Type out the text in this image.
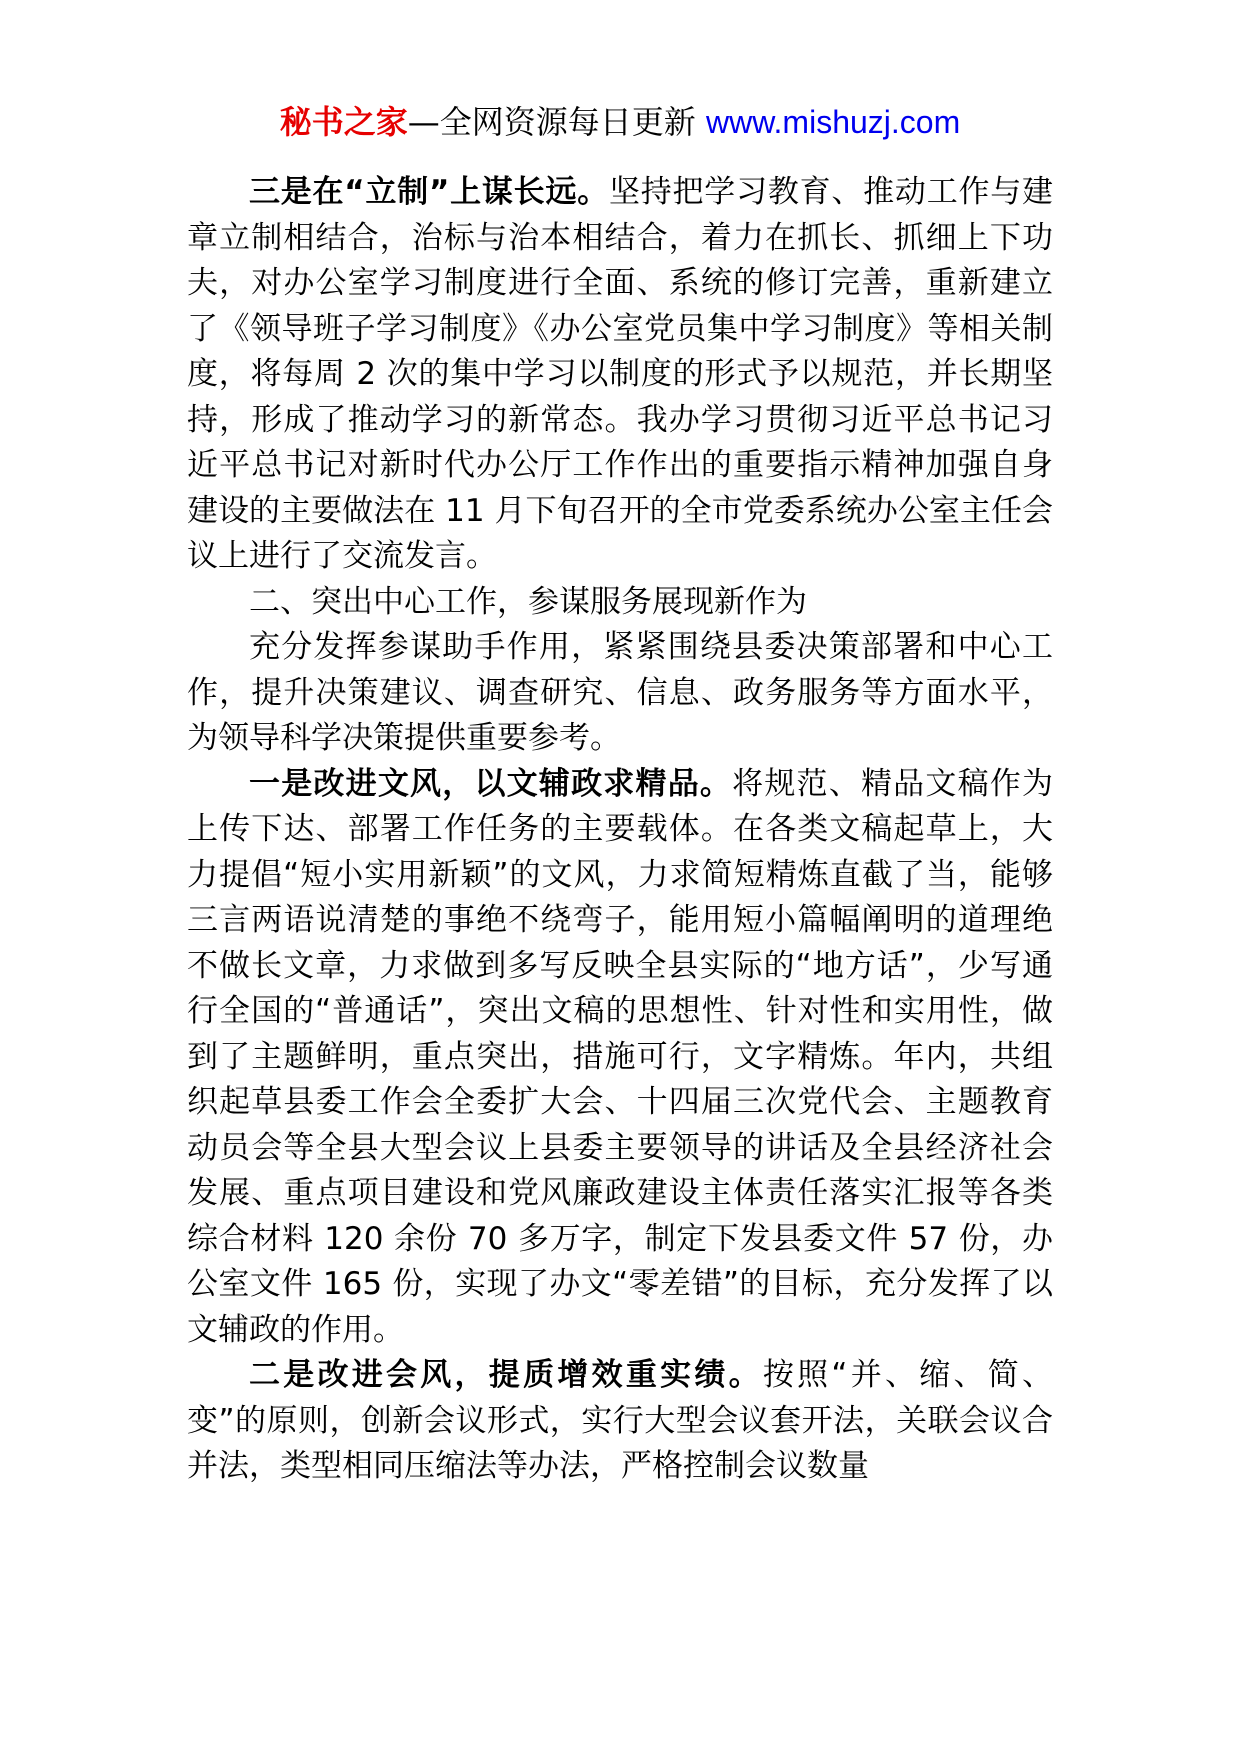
秘书之家—全网资源每日更新 www.mishuzj.com

三是在“立制”上谋长远。坚持把学习教育、推动工作与建章立制相结合，治标与治本相结合，着力在抓长、抓细上下功夫，对办公室学习制度进行全面、系统的修订完善，重新建立了《领导班子学习制度》《办公室党员集中学习制度》等相关制度，将每周 2 次的集中学习以制度的形式予以规范，并长期坚持，形成了推动学习的新常态。我办学习贯彻习近平总书记习近平总书记对新时代办公厅工作作出的重要指示精神加强自身建设的主要做法在 11 月下旬召开的全市党委系统办公室主任会议上进行了交流发言。

二、突出中心工作，参谋服务展现新作为

充分发挥参谋助手作用，紧紧围绕县委决策部署和中心工作，提升决策建议、调查研究、信息、政务服务等方面水平，为领导科学决策提供重要参考。

一是改进文风，以文辅政求精品。将规范、精品文稿作为上传下达、部署工作任务的主要载体。在各类文稿起草上，大力提倡“短小实用新颖”的文风，力求简短精炼直截了当，能够三言两语说清楚的事绝不绕弯子，能用短小篇幅阐明的道理绝不做长文章，力求做到多写反映全县实际的“地方话”，少写通行全国的“普通话”，突出文稿的思想性、针对性和实用性，做到了主题鲜明，重点突出，措施可行，文字精炼。年内，共组织起草县委工作会全委扩大会、十四届三次党代会、主题教育动员会等全县大型会议上县委主要领导的讲话及全县经济社会发展、重点项目建设和党风廉政建设主体责任落实汇报等各类综合材料 120 余份 70 多万字，制定下发县委文件 57 份，办公室文件 165 份，实现了办文“零差错”的目标，充分发挥了以文辅政的作用。

二是改进会风，提质增效重实绩。按照“并、缩、简、变”的原则，创新会议形式，实行大型会议套开法，关联会议合并法，类型相同压缩法等办法，严格控制会议数量
